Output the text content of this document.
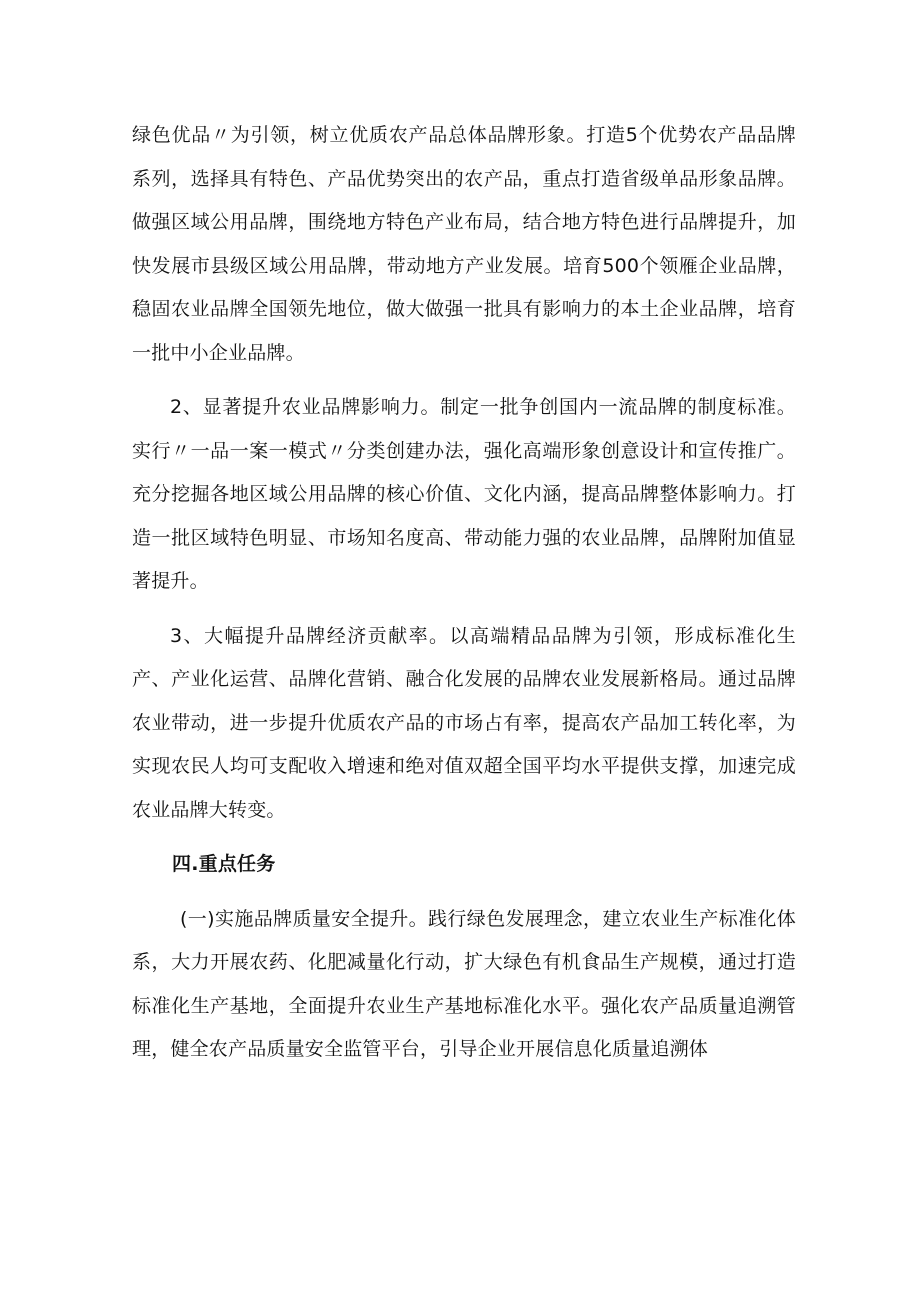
绿色优品〃为引领，树立优质农产品总体品牌形象。打造5个优势农产品品牌系列，选择具有特色、产品优势突出的农产品，重点打造省级单品形象品牌。做强区域公用品牌，围绕地方特色产业布局，结合地方特色进行品牌提升，加快发展市县级区域公用品牌，带动地方产业发展。培育500个领雁企业品牌，稳固农业品牌全国领先地位，做大做强一批具有影响力的本土企业品牌，培育一批中小企业品牌。

2、显著提升农业品牌影响力。制定一批争创国内一流品牌的制度标准。实行〃一品一案一模式〃分类创建办法，强化高端形象创意设计和宣传推广。充分挖掘各地区域公用品牌的核心价值、文化内涵，提高品牌整体影响力。打造一批区域特色明显、市场知名度高、带动能力强的农业品牌，品牌附加值显著提升。

3、大幅提升品牌经济贡献率。以高端精品品牌为引领，形成标准化生产、产业化运营、品牌化营销、融合化发展的品牌农业发展新格局。通过品牌农业带动，进一步提升优质农产品的市场占有率，提高农产品加工转化率，为实现农民人均可支配收入增速和绝对值双超全国平均水平提供支撑，加速完成农业品牌大转变。

四.重点任务

(一)实施品牌质量安全提升。践行绿色发展理念，建立农业生产标准化体系，大力开展农药、化肥减量化行动，扩大绿色有机食品生产规模，通过打造标准化生产基地，全面提升农业生产基地标准化水平。强化农产品质量追溯管理，健全农产品质量安全监管平台，引导企业开展信息化质量追溯体
